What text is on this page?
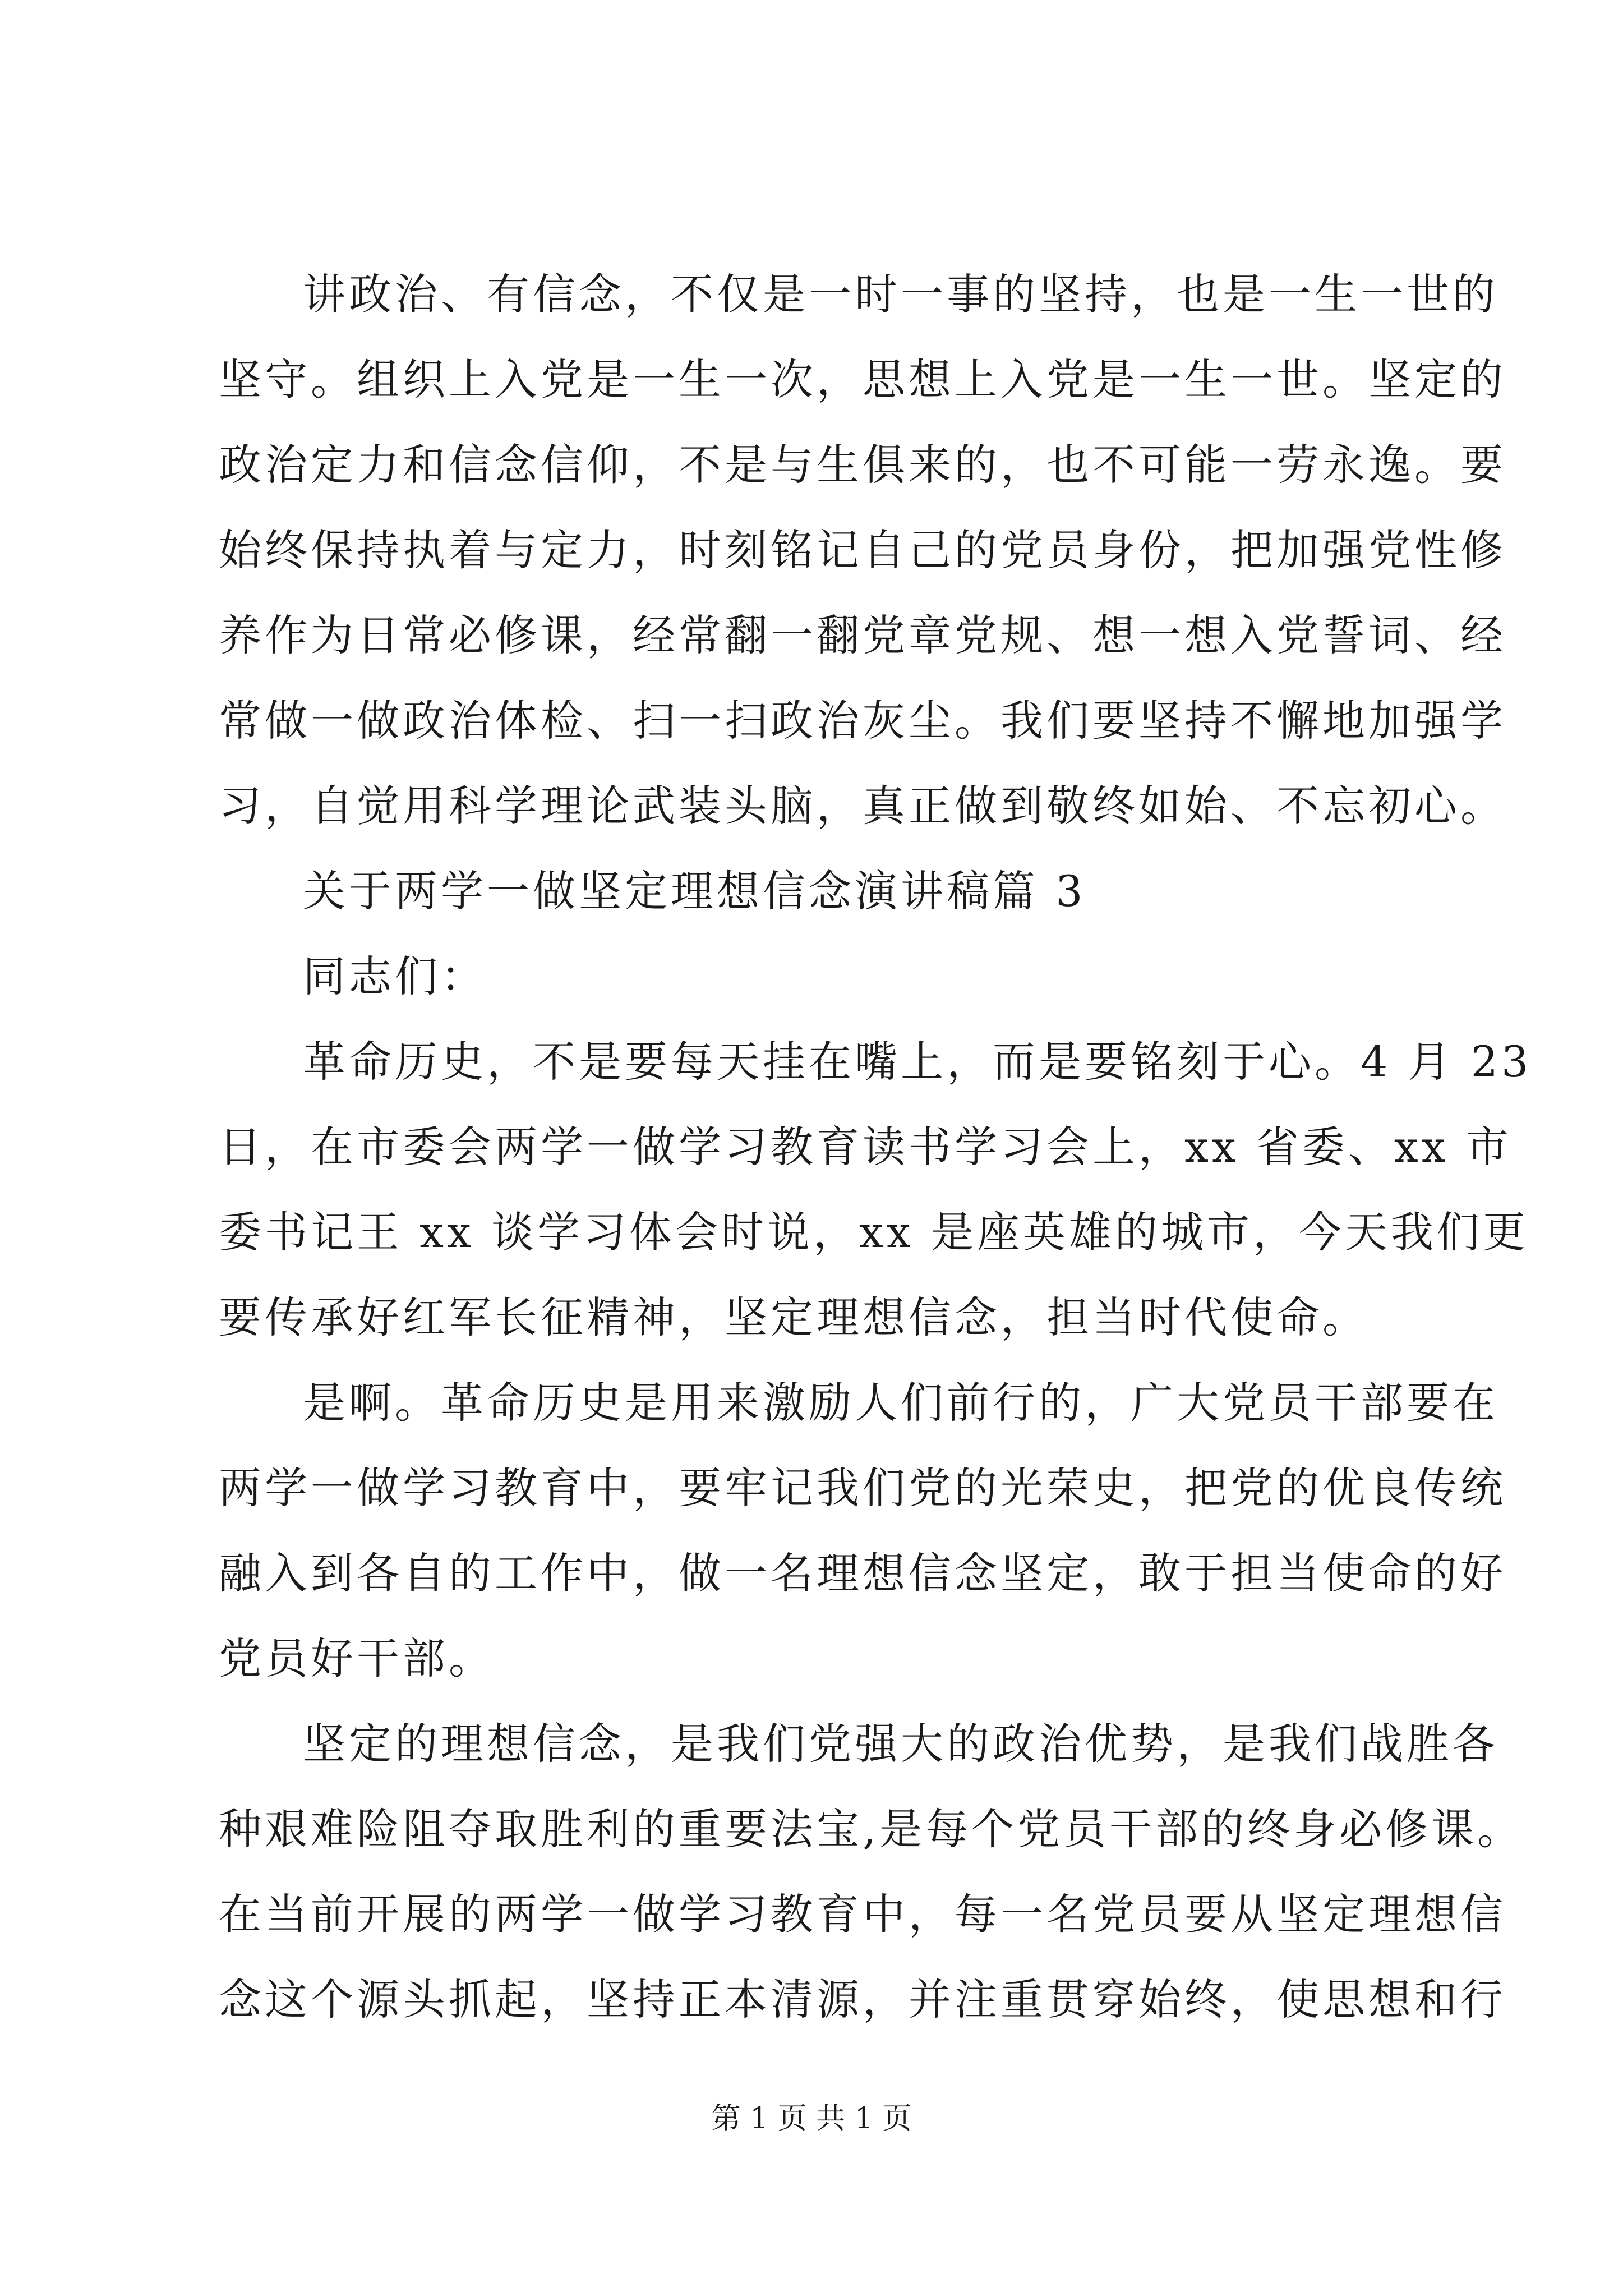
讲政治、有信念，不仅是一时一事的坚持，也是一生一世的
坚守。组织上入党是一生一次，思想上入党是一生一世。坚定的
政治定力和信念信仰，不是与生俱来的，也不可能一劳永逸。要
始终保持执着与定力，时刻铭记自己的党员身份，把加强党性修
养作为日常必修课，经常翻一翻党章党规、想一想入党誓词、经
常做一做政治体检、扫一扫政治灰尘。我们要坚持不懈地加强学
习，自觉用科学理论武装头脑，真正做到敬终如始、不忘初心。
关于两学一做坚定理想信念演讲稿篇 3
同志们：
革命历史，不是要每天挂在嘴上，而是要铭刻于心。4 月 23
日，在市委会两学一做学习教育读书学习会上，xx 省委、xx 市
委书记王 xx 谈学习体会时说，xx 是座英雄的城市，今天我们更
要传承好红军长征精神，坚定理想信念，担当时代使命。
是啊。革命历史是用来激励人们前行的，广大党员干部要在
两学一做学习教育中，要牢记我们党的光荣史，把党的优良传统
融入到各自的工作中，做一名理想信念坚定，敢于担当使命的好
党员好干部。
坚定的理想信念，是我们党强大的政治优势，是我们战胜各
种艰难险阻夺取胜利的重要法宝,是每个党员干部的终身必修课。
在当前开展的两学一做学习教育中，每一名党员要从坚定理想信
念这个源头抓起，坚持正本清源，并注重贯穿始终，使思想和行
第 1 页 共 1 页
